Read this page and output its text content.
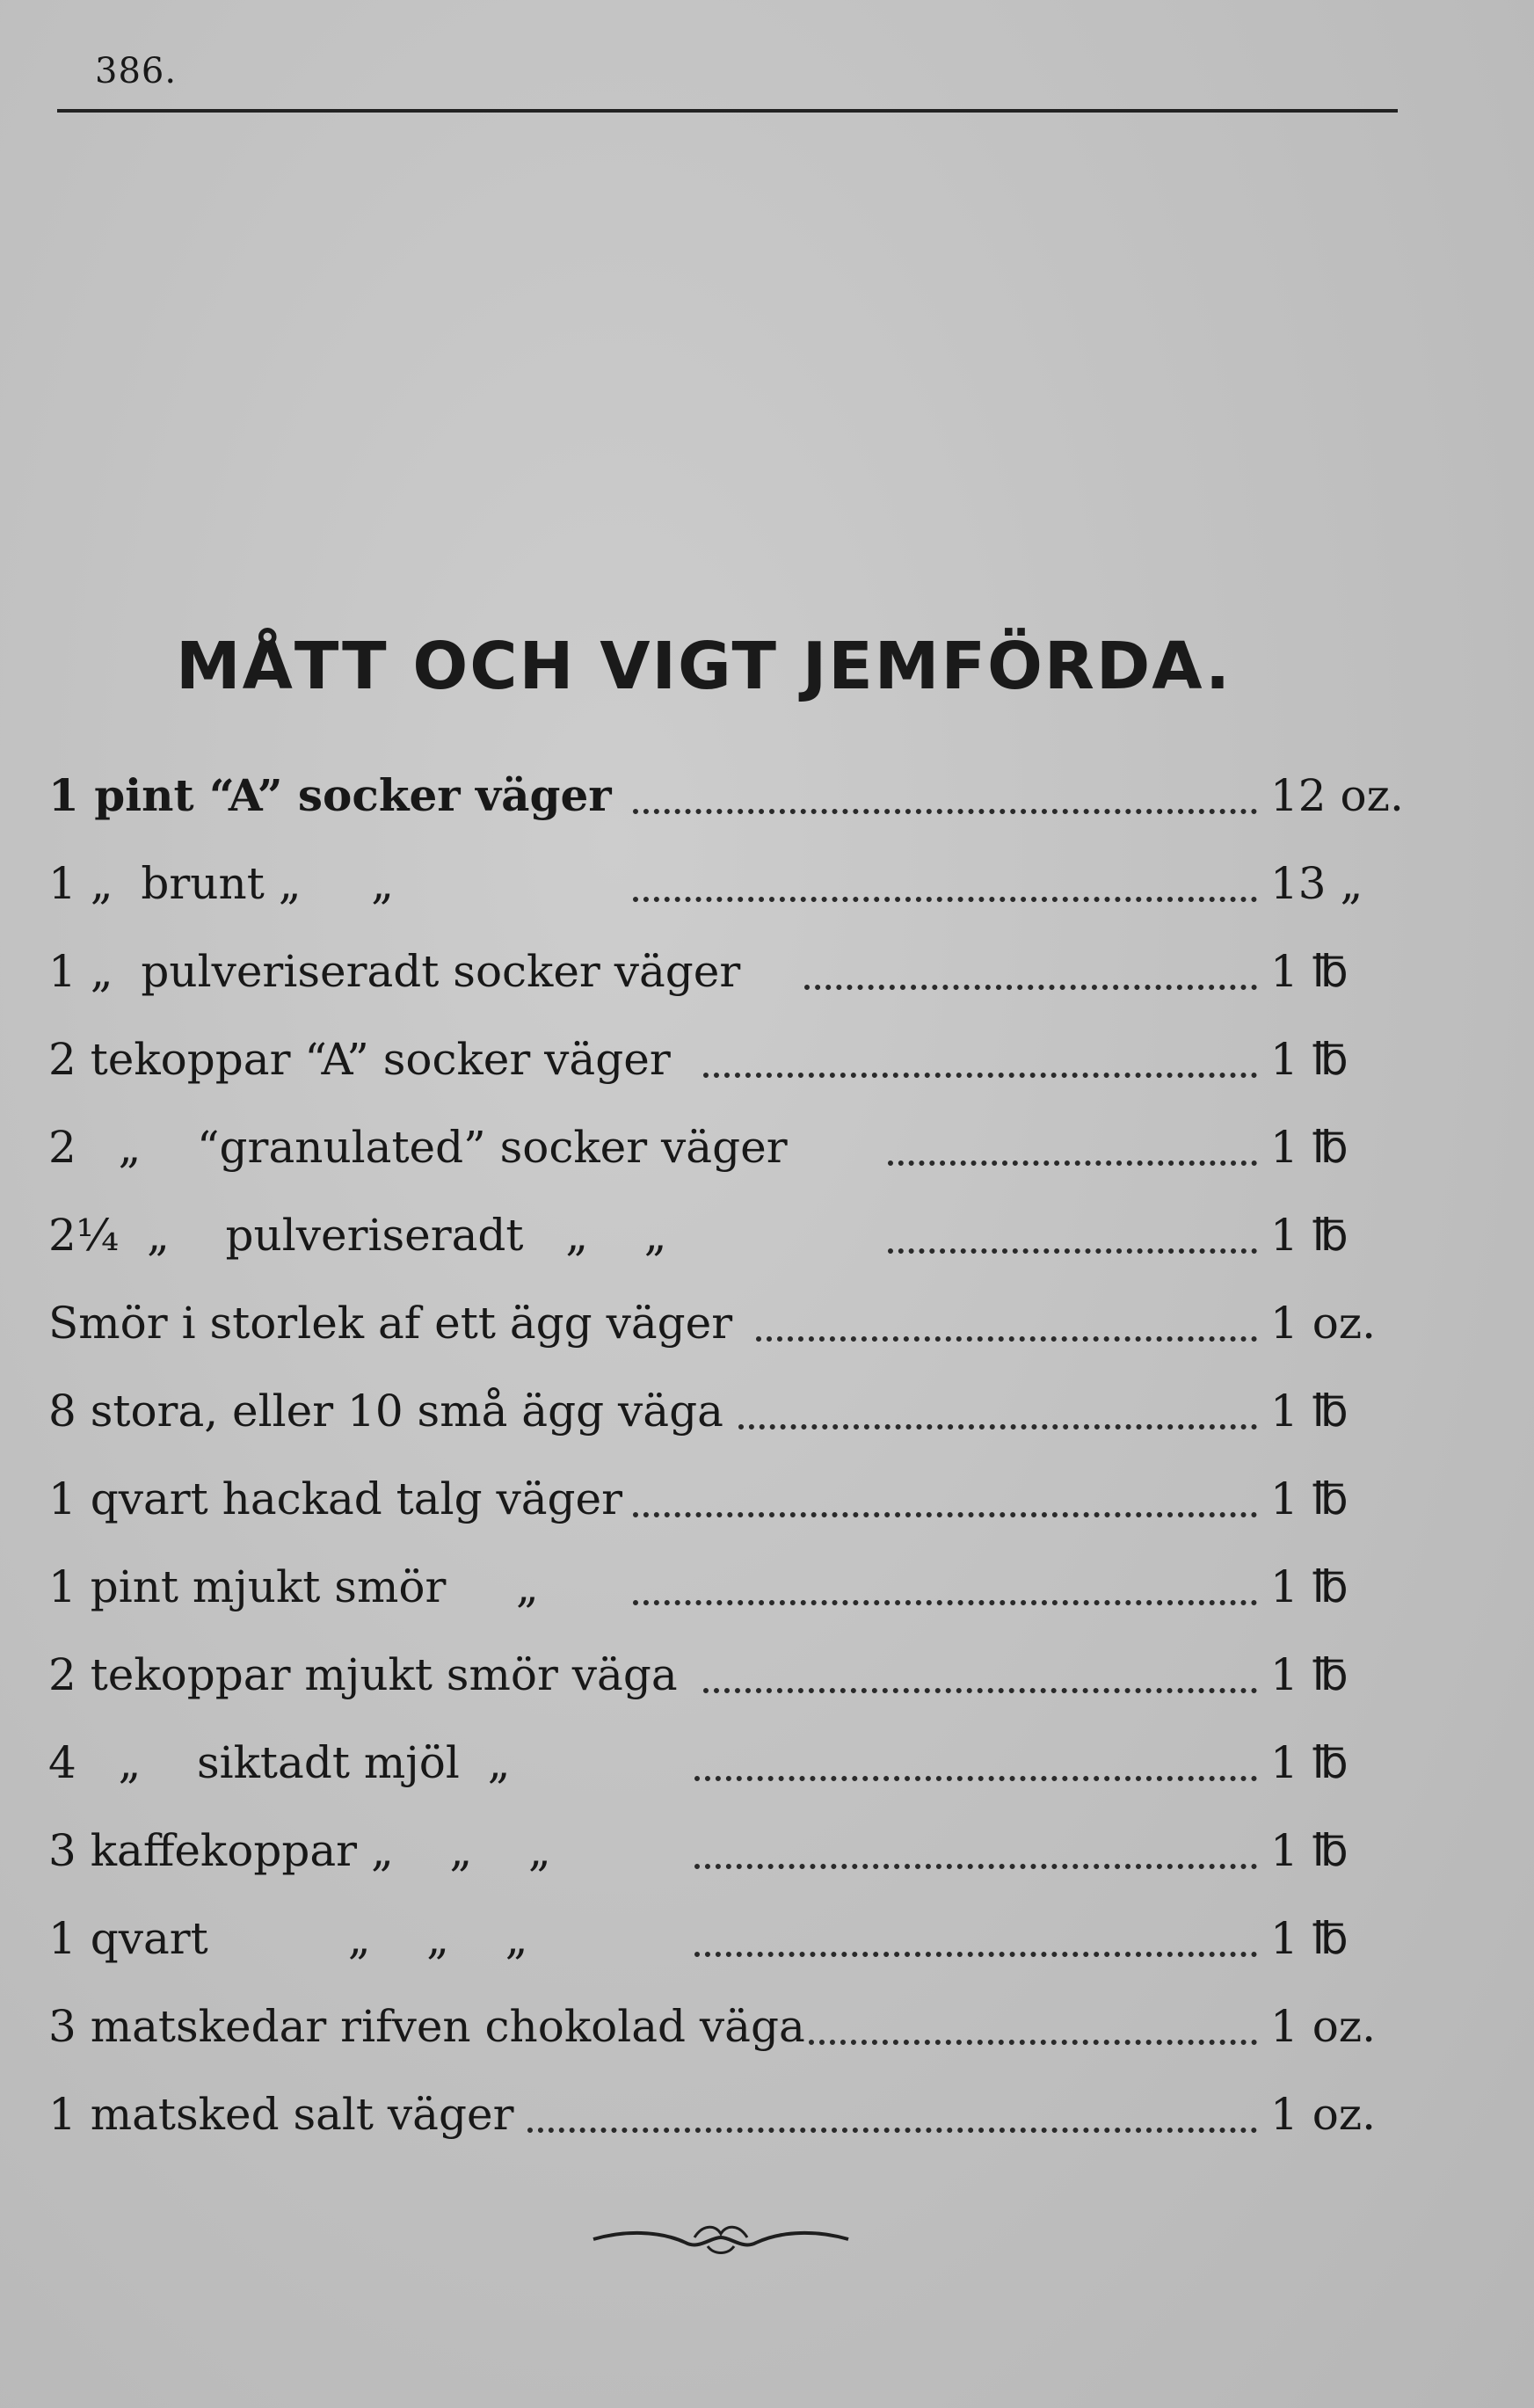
386.
MÅTT OCH VIGT JEMFÖRDA.
1 pint “A” socker väger	12 oz.
1 „  brunt „     „	13 „
1 „  pulveriseradt socker väger	1 ℔
2 tekoppar “A” socker väger	1 ℔
2   „    “granulated” socker väger	1 ℔
2¼  „    pulveriseradt   „    „	1 ℔
Smör i storlek af ett ägg väger	1 oz.
8 stora, eller 10 små ägg väga	1 ℔
1 qvart hackad talg väger	1 ℔
1 pint mjukt smör     „	1 ℔
2 tekoppar mjukt smör väga	1 ℔
4   „    siktadt mjöl  „	1 ℔
3 kaffekoppar „    „    „	1 ℔
1 qvart          „    „    „	1 ℔
3 matskedar rifven chokolad väga	1 oz.
1 matsked salt väger	1 oz.
